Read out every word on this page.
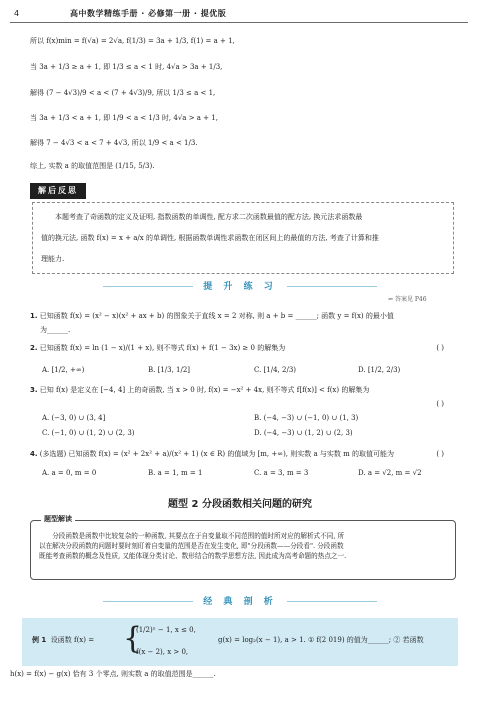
4	高中数学精练手册 · 必修第一册 · 提优版
所以 f(x)min = f(√a) = 2√a, f(1/3) = 3a + 1/3, f(1) = a + 1,
当 3a + 1/3 ≥ a + 1, 即 1/3 ≤ a < 1 时, 4√a > 3a + 1/3,
解得 (7 − 4√3)/9 < a < (7 + 4√3)/9, 所以 1/3 ≤ a < 1,
当 3a + 1/3 < a + 1, 即 1/9 < a < 1/3 时, 4√a > a + 1,
解得 7 − 4√3 < a < 7 + 4√3, 所以 1/9 < a < 1/3.
综上, 实数 a 的取值范围是 (1/15, 5/3).
解后反思

本题考查了奇函数的定义及证明, 指数函数的单调性, 配方求二次函数最值的配方法, 换元法求函数最

值的换元法, 函数 f(x) = x + a/x 的单调性, 根据函数单调性求函数在闭区间上的最值的方法, 考查了计算和推

理能力.

提 升 练 习
⇐ 答案见 P46
1. 已知函数 f(x) = (x² − x)(x² + ax + b) 的图象关于直线 x = 2 对称, 则 a + b = ______; 函数 y = f(x) 的最小值
为______.
2. 已知函数 f(x) = ln (1 − x)/(1 + x), 则不等式 f(x) + f(1 − 3x) ≥ 0 的解集为	( )
A. [1/2, +∞)	B. [1/3, 1/2]	C. [1/4, 2/3)	D. [1/2, 2/3)
3. 已知 f(x) 是定义在 [−4, 4] 上的奇函数, 当 x > 0 时, f(x) = −x² + 4x, 则不等式 f[f(x)] < f(x) 的解集为
( )
A. (−3, 0) ∪ (3, 4]	B. (−4, −3) ∪ (−1, 0) ∪ (1, 3)
C. (−1, 0) ∪ (1, 2) ∪ (2, 3)	D. (−4, −3) ∪ (1, 2) ∪ (2, 3)
4. (多选题) 已知函数 f(x) = (x² + 2x² + a)/(x² + 1) (x ∈ R) 的值域为 [m, +∞), 则实数 a 与实数 m 的取值可能为	( )
A. a = 0, m = 0	B. a = 1, m = 1	C. a = 3, m = 3	D. a = √2, m = √2
题型 2 分段函数相关问题的研究
题型解读

分段函数是函数中比较复杂的一种函数, 其要点在于自变量取不同范围的值时所对应的解析式不同, 所
以在解决分段函数的问题时要时刻盯着自变量的范围是否在发生变化, 即"分段函数——分段看". 分段函数
既能考查函数的概念及性质, 又能体现分类讨论、数形结合的数学思想方法, 因此成为高考命题的热点之一.

经 典 剖 析
例 1 设函数 f(x) = {
(1/2)ˣ − 1, x ≤ 0,
f(x − 2), x > 0,
g(x) = log₂(x − 1), a > 1. ① f(2 019) 的值为______; ② 若函数
h(x) = f(x) − g(x) 恰有 3 个零点, 则实数 a 的取值范围是______.
